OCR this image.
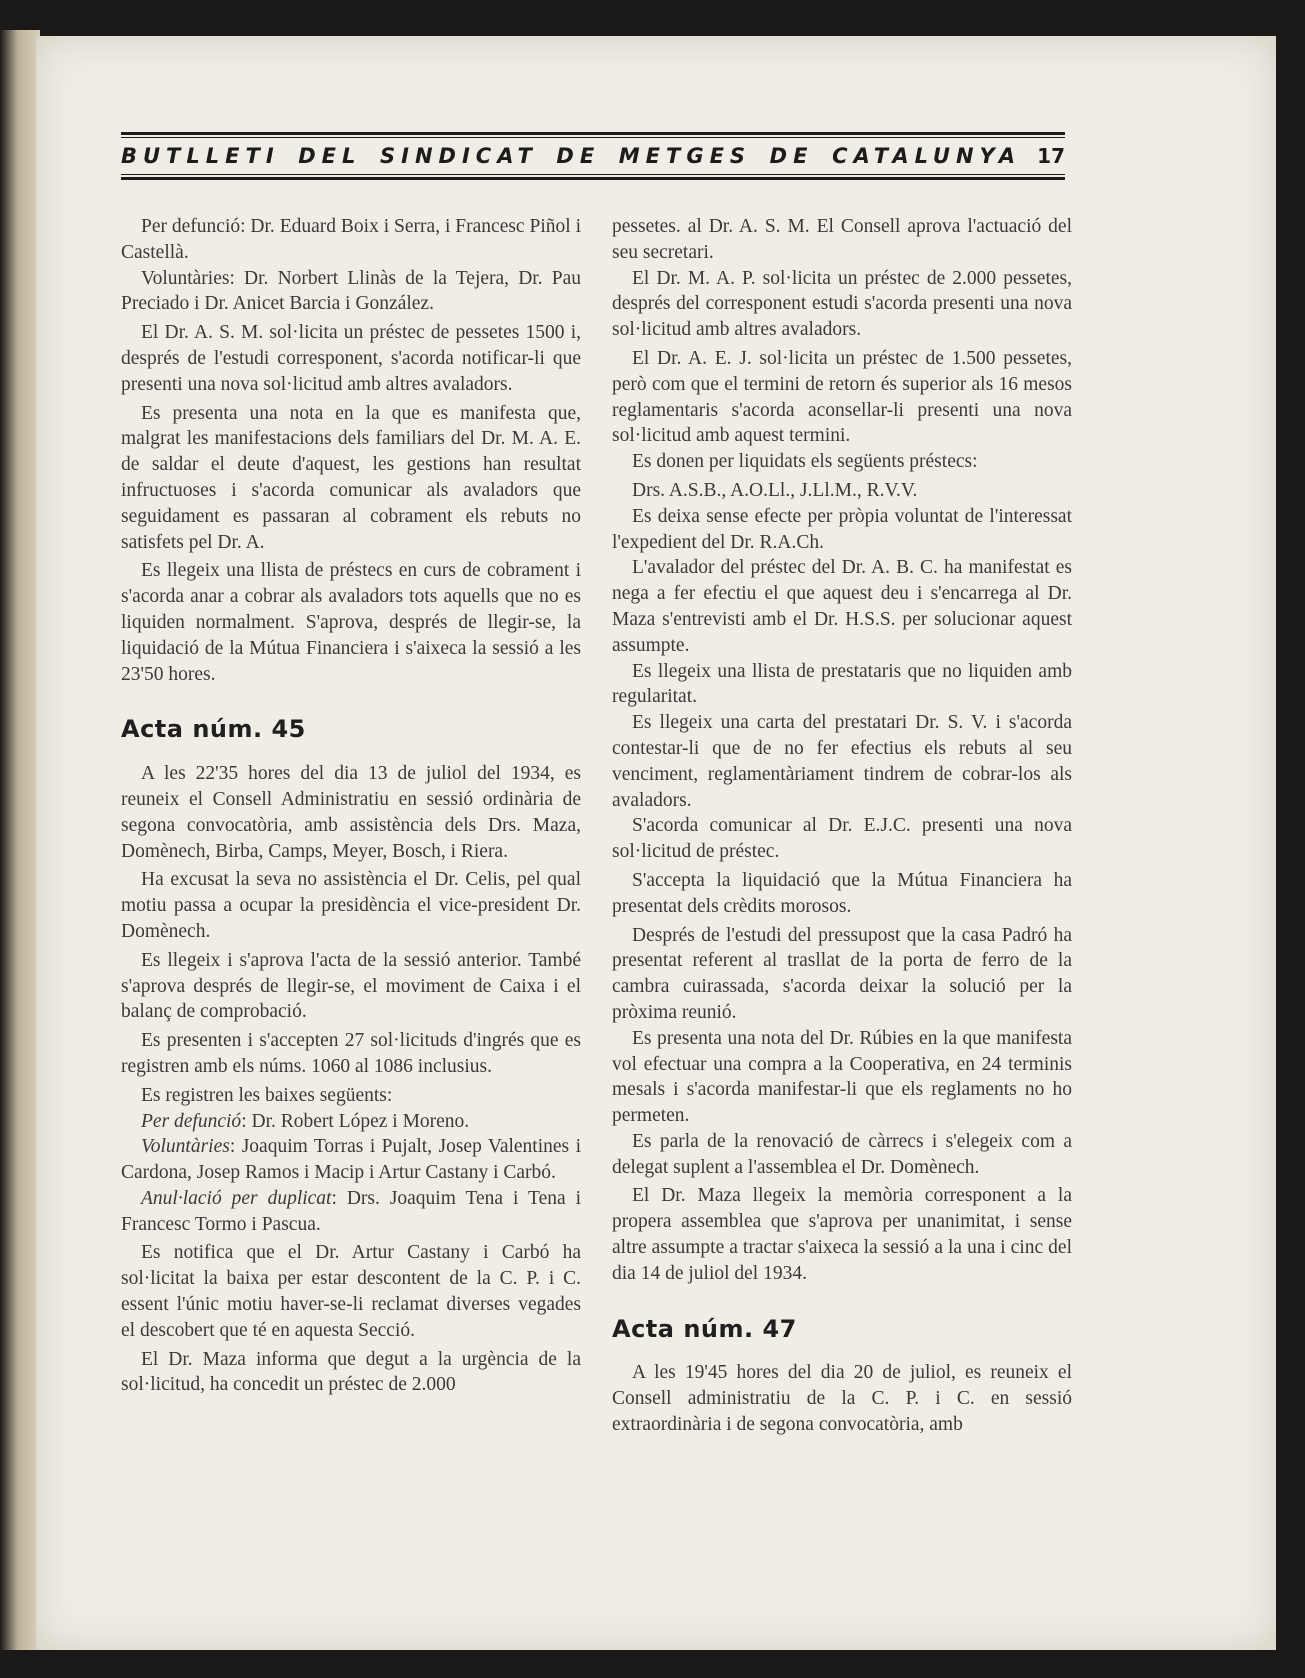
BUTLLETI DEL SINDICAT DE METGES DE CATALUNYA 17

Per defunció: Dr. Eduard Boix i Serra, i Francesc Piñol i Castellà.

Voluntàries: Dr. Norbert Llinàs de la Tejera, Dr. Pau Preciado i Dr. Anicet Barcia i González.

El Dr. A. S. M. sol·licita un préstec de pessetes 1500 i, després de l'estudi corresponent, s'acorda notificar-li que presenti una nova sol·licitud amb altres avaladors.

Es presenta una nota en la que es manifesta que, malgrat les manifestacions dels familiars del Dr. M. A. E. de saldar el deute d'aquest, les gestions han resultat infructuoses i s'acorda comunicar als avaladors que seguidament es passaran al cobrament els rebuts no satisfets pel Dr. A.

Es llegeix una llista de préstecs en curs de cobrament i s'acorda anar a cobrar als avaladors tots aquells que no es liquiden normalment. S'aprova, després de llegir-se, la liquidació de la Mútua Financiera i s'aixeca la sessió a les 23'50 hores.

Acta núm. 45

A les 22'35 hores del dia 13 de juliol del 1934, es reuneix el Consell Administratiu en sessió ordinària de segona convocatòria, amb assistència dels Drs. Maza, Domènech, Birba, Camps, Meyer, Bosch, i Riera.

Ha excusat la seva no assistència el Dr. Celis, pel qual motiu passa a ocupar la presidència el vice-president Dr. Domènech.

Es llegeix i s'aprova l'acta de la sessió anterior. També s'aprova després de llegir-se, el moviment de Caixa i el balanç de comprobació.

Es presenten i s'accepten 27 sol·licituds d'ingrés que es registren amb els núms. 1060 al 1086 inclusius.

Es registren les baixes següents:

Per defunció: Dr. Robert López i Moreno.

Voluntàries: Joaquim Torras i Pujalt, Josep Valentines i Cardona, Josep Ramos i Macip i Artur Castany i Carbó.

Anul·lació per duplicat: Drs. Joaquim Tena i Tena i Francesc Tormo i Pascua.

Es notifica que el Dr. Artur Castany i Carbó ha sol·licitat la baixa per estar descontent de la C. P. i C. essent l'únic motiu haver-se-li reclamat diverses vegades el descobert que té en aquesta Secció.

El Dr. Maza informa que degut a la urgència de la sol·licitud, ha concedit un préstec de 2.000

pessetes. al Dr. A. S. M. El Consell aprova l'actuació del seu secretari.

El Dr. M. A. P. sol·licita un préstec de 2.000 pessetes, després del corresponent estudi s'acorda presenti una nova sol·licitud amb altres avaladors.

El Dr. A. E. J. sol·licita un préstec de 1.500 pessetes, però com que el termini de retorn és superior als 16 mesos reglamentaris s'acorda aconsellar-li presenti una nova sol·licitud amb aquest termini.

Es donen per liquidats els següents préstecs:

Drs. A.S.B., A.O.Ll., J.Ll.M., R.V.V.

Es deixa sense efecte per pròpia voluntat de l'interessat l'expedient del Dr. R.A.Ch.

L'avalador del préstec del Dr. A. B. C. ha manifestat es nega a fer efectiu el que aquest deu i s'encarrega al Dr. Maza s'entrevisti amb el Dr. H.S.S. per solucionar aquest assumpte.

Es llegeix una llista de prestataris que no liquiden amb regularitat.

Es llegeix una carta del prestatari Dr. S. V. i s'acorda contestar-li que de no fer efectius els rebuts al seu venciment, reglamentàriament tindrem de cobrar-los als avaladors.

S'acorda comunicar al Dr. E.J.C. presenti una nova sol·licitud de préstec.

S'accepta la liquidació que la Mútua Financiera ha presentat dels crèdits morosos.

Després de l'estudi del pressupost que la casa Padró ha presentat referent al trasllat de la porta de ferro de la cambra cuirassada, s'acorda deixar la solució per la pròxima reunió.

Es presenta una nota del Dr. Rúbies en la que manifesta vol efectuar una compra a la Cooperativa, en 24 terminis mesals i s'acorda manifestar-li que els reglaments no ho permeten.

Es parla de la renovació de càrrecs i s'elegeix com a delegat suplent a l'assemblea el Dr. Domènech.

El Dr. Maza llegeix la memòria corresponent a la propera assemblea que s'aprova per unanimitat, i sense altre assumpte a tractar s'aixeca la sessió a la una i cinc del dia 14 de juliol del 1934.

Acta núm. 47

A les 19'45 hores del dia 20 de juliol, es reuneix el Consell administratiu de la C. P. i C. en sessió extraordinària i de segona convocatòria, amb
